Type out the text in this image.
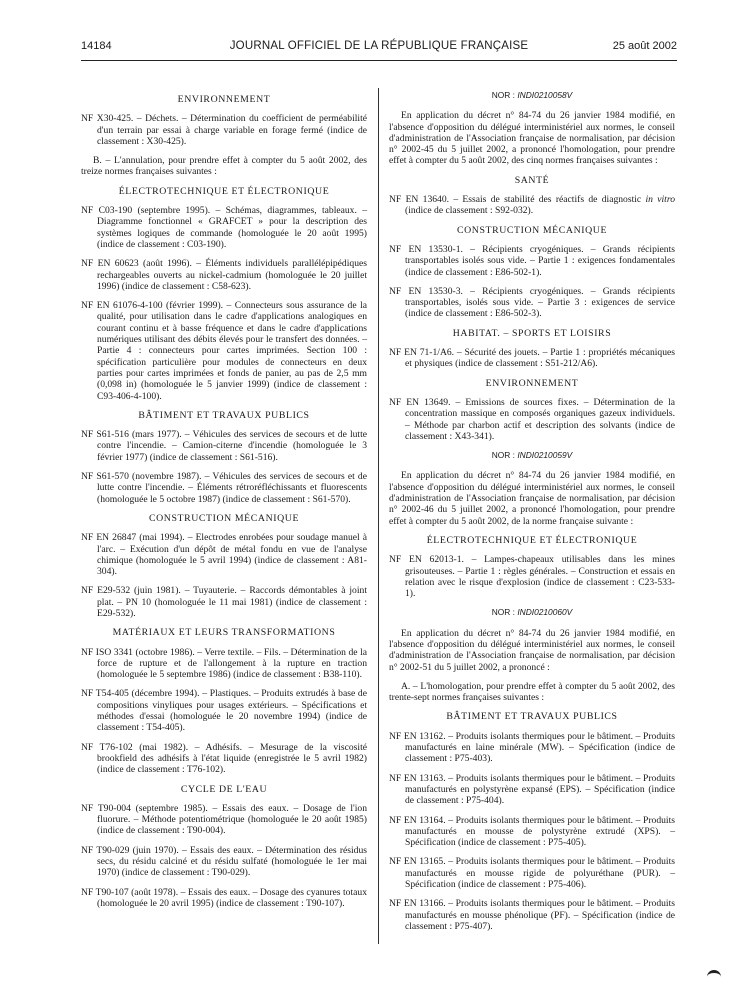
14184	JOURNAL OFFICIEL DE LA RÉPUBLIQUE FRANÇAISE	25 août 2002
ENVIRONNEMENT
NF X30-425. – Déchets. – Détermination du coefficient de perméabilité d'un terrain par essai à charge variable en forage fermé (indice de classement : X30-425).
B. – L'annulation, pour prendre effet à compter du 5 août 2002, des treize normes françaises suivantes :
ÉLECTROTECHNIQUE ET ÉLECTRONIQUE
NF C03-190 (septembre 1995). – Schémas, diagrammes, tableaux. – Diagramme fonctionnel « GRAFCET » pour la description des systèmes logiques de commande (homologuée le 20 août 1995) (indice de classement : C03-190).
NF EN 60623 (août 1996). – Éléments individuels parallélépipédiques rechargeables ouverts au nickel-cadmium (homologuée le 20 juillet 1996) (indice de classement : C58-623).
NF EN 61076-4-100 (février 1999). – Connecteurs sous assurance de la qualité, pour utilisation dans le cadre d'applications analogiques en courant continu et à basse fréquence et dans le cadre d'applications numériques utilisant des débits élevés pour le transfert des données. – Partie 4 : connecteurs pour cartes imprimées. Section 100 : spécification particulière pour modules de connecteurs en deux parties pour cartes imprimées et fonds de panier, au pas de 2,5 mm (0,098 in) (homologuée le 5 janvier 1999) (indice de classement : C93-406-4-100).
BÂTIMENT ET TRAVAUX PUBLICS
NF S61-516 (mars 1977). – Véhicules des services de secours et de lutte contre l'incendie. – Camion-citerne d'incendie (homologuée le 3 février 1977) (indice de classement : S61-516).
NF S61-570 (novembre 1987). – Véhicules des services de secours et de lutte contre l'incendie. – Éléments rétroréfléchissants et fluorescents (homologuée le 5 octobre 1987) (indice de classement : S61-570).
CONSTRUCTION MÉCANIQUE
NF EN 26847 (mai 1994). – Electrodes enrobées pour soudage manuel à l'arc. – Exécution d'un dépôt de métal fondu en vue de l'analyse chimique (homologuée le 5 avril 1994) (indice de classement : A81-304).
NF E29-532 (juin 1981). – Tuyauterie. – Raccords démontables à joint plat. – PN 10 (homologuée le 11 mai 1981) (indice de classement : E29-532).
MATÉRIAUX ET LEURS TRANSFORMATIONS
NF ISO 3341 (octobre 1986). – Verre textile. – Fils. – Détermination de la force de rupture et de l'allongement à la rupture en traction (homologuée le 5 septembre 1986) (indice de classement : B38-110).
NF T54-405 (décembre 1994). – Plastiques. – Produits extrudés à base de compositions vinyliques pour usages extérieurs. – Spécifications et méthodes d'essai (homologuée le 20 novembre 1994) (indice de classement : T54-405).
NF T76-102 (mai 1982). – Adhésifs. – Mesurage de la viscosité brookfield des adhésifs à l'état liquide (enregistrée le 5 avril 1982) (indice de classement : T76-102).
CYCLE DE L'EAU
NF T90-004 (septembre 1985). – Essais des eaux. – Dosage de l'ion fluorure. – Méthode potentiométrique (homologuée le 20 août 1985) (indice de classement : T90-004).
NF T90-029 (juin 1970). – Essais des eaux. – Détermination des résidus secs, du résidu calciné et du résidu sulfaté (homologuée le 1er mai 1970) (indice de classement : T90-029).
NF T90-107 (août 1978). – Essais des eaux. – Dosage des cyanures totaux (homologuée le 20 avril 1995) (indice de classement : T90-107).
NOR : INDI0210058V
En application du décret n° 84-74 du 26 janvier 1984 modifié, en l'absence d'opposition du délégué interministériel aux normes, le conseil d'administration de l'Association française de normalisation, par décision n° 2002-45 du 5 juillet 2002, a prononcé l'homologation, pour prendre effet à compter du 5 août 2002, des cinq normes françaises suivantes :
SANTÉ
NF EN 13640. – Essais de stabilité des réactifs de diagnostic in vitro (indice de classement : S92-032).
CONSTRUCTION MÉCANIQUE
NF EN 13530-1. – Récipients cryogéniques. – Grands récipients transportables isolés sous vide. – Partie 1 : exigences fondamentales (indice de classement : E86-502-1).
NF EN 13530-3. – Récipients cryogéniques. – Grands récipients transportables, isolés sous vide. – Partie 3 : exigences de service (indice de classement : E86-502-3).
HABITAT. – SPORTS ET LOISIRS
NF EN 71-1/A6. – Sécurité des jouets. – Partie 1 : propriétés mécaniques et physiques (indice de classement : S51-212/A6).
ENVIRONNEMENT
NF EN 13649. – Emissions de sources fixes. – Détermination de la concentration massique en composés organiques gazeux individuels. – Méthode par charbon actif et description des solvants (indice de classement : X43-341).
NOR : INDI0210059V
En application du décret n° 84-74 du 26 janvier 1984 modifié, en l'absence d'opposition du délégué interministériel aux normes, le conseil d'administration de l'Association française de normalisation, par décision n° 2002-46 du 5 juillet 2002, a prononcé l'homologation, pour prendre effet à compter du 5 août 2002, de la norme française suivante :
ÉLECTROTECHNIQUE ET ÉLECTRONIQUE
NF EN 62013-1. – Lampes-chapeaux utilisables dans les mines grisouteuses. – Partie 1 : règles générales. – Construction et essais en relation avec le risque d'explosion (indice de classement : C23-533-1).
NOR : INDI0210060V
En application du décret n° 84-74 du 26 janvier 1984 modifié, en l'absence d'opposition du délégué interministériel aux normes, le conseil d'administration de l'Association française de normalisation, par décision n° 2002-51 du 5 juillet 2002, a prononcé :
A. – L'homologation, pour prendre effet à compter du 5 août 2002, des trente-sept normes françaises suivantes :
BÂTIMENT ET TRAVAUX PUBLICS
NF EN 13162. – Produits isolants thermiques pour le bâtiment. – Produits manufacturés en laine minérale (MW). – Spécification (indice de classement : P75-403).
NF EN 13163. – Produits isolants thermiques pour le bâtiment. – Produits manufacturés en polystyrène expansé (EPS). – Spécification (indice de classement : P75-404).
NF EN 13164. – Produits isolants thermiques pour le bâtiment. – Produits manufacturés en mousse de polystyrène extrudé (XPS). – Spécification (indice de classement : P75-405).
NF EN 13165. – Produits isolants thermiques pour le bâtiment. – Produits manufacturés en mousse rigide de polyuréthane (PUR). – Spécification (indice de classement : P75-406).
NF EN 13166. – Produits isolants thermiques pour le bâtiment. – Produits manufacturés en mousse phénolique (PF). – Spécification (indice de classement : P75-407).
